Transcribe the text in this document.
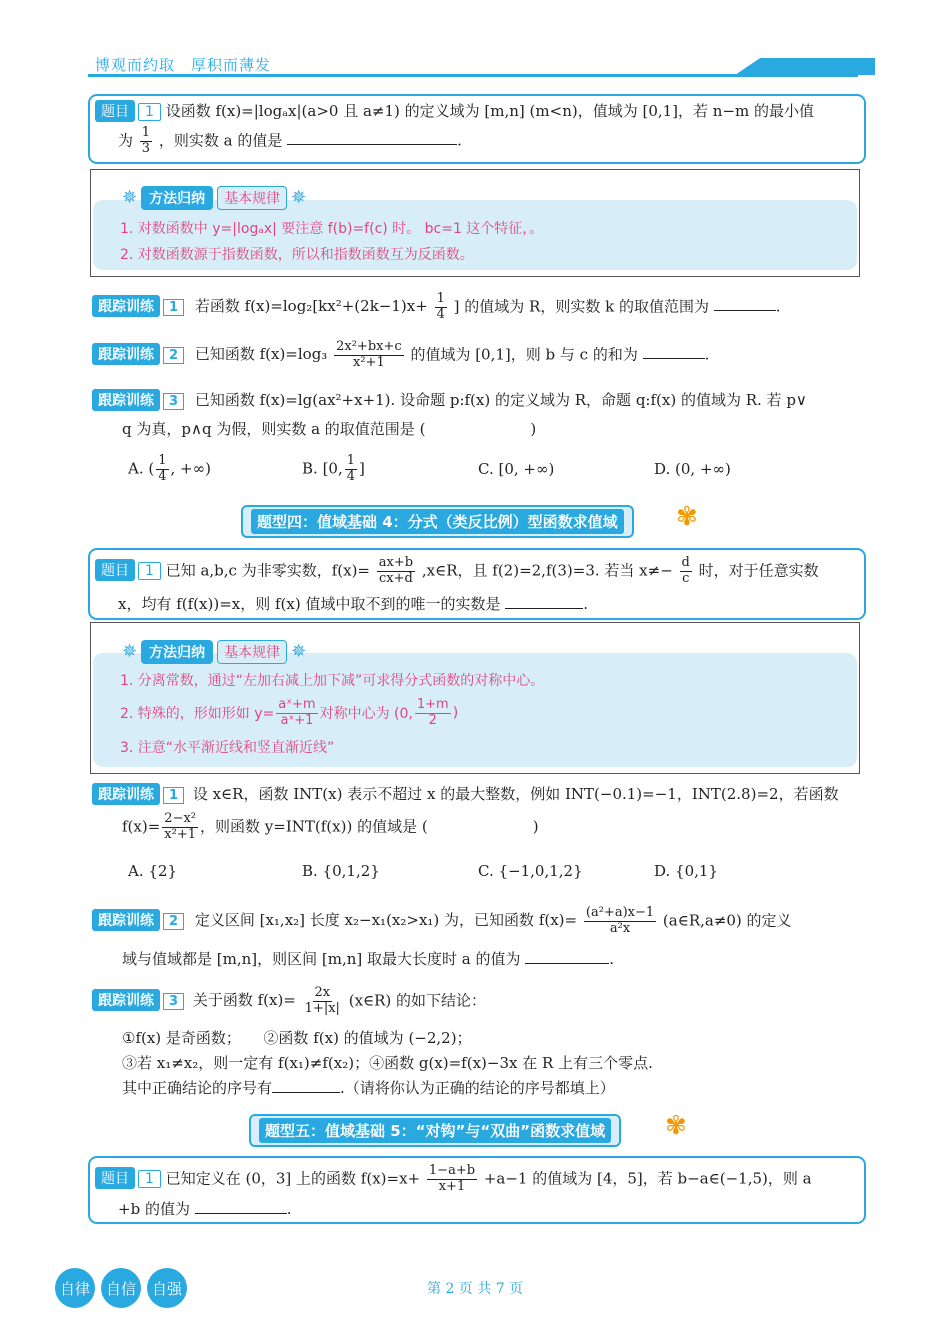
博观而约取　厚积而薄发
题目 1 设函数 f(x)=|logₐx|(a>0 且 a≠1) 的定义域为 [m,n] (m<n)，值域为 [0,1]，若 n−m 的最小值
为 $\frac{1}{3}$ ，则实数 a 的值是	.
✵ 方法归纳	基本规律 ✵
1. 对数函数中 y=|logₐx| 要注意 f(b)=f(c) 时。 bc=1 这个特征，。
2. 对数函数源于指数函数，所以和指数函数互为反函数。
跟踪训练 1 若函数 $f(x)=\log_2[kx^2+(2k-1)x+ \frac{1}{4}$ ] 的值域为 R，则实数 k 的取值范围为	.
跟踪训练 2 已知函数 $f(x)=\log_3 \frac{\text{2x²+bx+c}}{\text{x²+1}}$ 的值域为 [0,1]，则 b 与 c 的和为	.
跟踪训练 3 已知函数 f(x)=lg(ax²+x+1). 设命题 p:f(x) 的定义域为 R，命题 q:f(x) 的值域为 R. 若 p∨
q 为真，p∧q 为假，则实数 a 的取值范围是 (　　　　　　　)
A. ( $\frac{1}{4}$ , +∞)	B. [0, $\frac{1}{4}$ ]	C. [0, +∞)	D. (0, +∞)
题型四：值域基础 4：分式（类反比例）型函数求值域	✾
题目 1 已知 a,b,c 为非零实数，$f(x)= \frac{ax+b}{cx+d}$ ,x∈R，且 f(2)=2,f(3)=3. 若当 $x\ne- \frac{d}{c}$ 时，对于任意实数
x，均有 f(f(x))=x，则 f(x) 值域中取不到的唯一的实数是	.
✵ 方法归纳	基本规律 ✵
1. 分离常数，通过“左加右减上加下减”可求得分式函数的对称中心。
2. 特殊的，形如形如 $y= \frac{\text{aˣ+m}}{\text{aˣ+1}}$ 对称中心为 (0, $\frac{1+m}{2}$ )
3. 注意“水平渐近线和竖直渐近线”
跟踪训练 1 设 x∈R，函数 INT(x) 表示不超过 x 的最大整数，例如 INT(−0.1)=−1，INT(2.8)=2，若函数
$f(x)= \frac{\text{2−x²}}{\text{x²+1}}$ ，则函数 y=INT(f(x)) 的值域是 (　　　　　　　)
A. {2}	B. {0,1,2}	C. {−1,0,1,2}	D. {0,1}
跟踪训练 2 定义区间 [x₁,x₂] 长度 x₂−x₁(x₂>x₁) 为，已知函数 $f(x)= \frac{\text{(a²+a)x−1}}{\text{a²x}}$ (a∈R,a≠0) 的定义
域与值域都是 [m,n]，则区间 [m,n] 取最大长度时 a 的值为	.
跟踪训练 3 关于函数 $f(x)= \frac{2x}{1+|x|}$ (x∈R) 的如下结论：
①f(x) 是奇函数；　　②函数 f(x) 的值域为 (−2,2)；
③若 x₁≠x₂，则一定有 f(x₁)≠f(x₂)；④函数 g(x)=f(x)−3x 在 R 上有三个零点.
其中正确结论的序号有	.（请将你认为正确的结论的序号都填上）
题型五：值域基础 5：“对钩”与“双曲”函数求值域	✾
题目 1 已知定义在 (0，3] 上的函数 $f(x)=x+ \frac{1-a+b}{x+1} +a-1$ 的值域为 [4，5]，若 b−a∈(−1,5)，则 a
+b 的值为	.
自律	自信	自强	第 2 页 共 7 页
